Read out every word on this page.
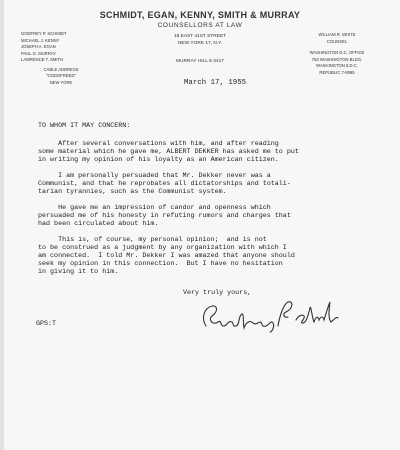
SCHMIDT, EGAN, KENNY, SMITH & MURRAY
COUNSELLORS AT LAW
18 EAST 41ST STREET
NEW YORK 17, N.Y.
MURRAY HILL 6-3417
GODFREY P. SCHMIDT
MICHAEL J. KENNY
JOSEPH A. EGAN
PAUL G. MURRAY
LAWRENCE T. SMITH
CABLE ADDRESS
"GODOFREED"
NEW YORK
WILLIAM R. WHITE
COUNSEL
WASHINGTON D.C. OFFICE
753 WASHINGTON BLDG.
WASHINGTON 5,D.C.
REPUBLIC 7-8595
March 17, 1955
TO WHOM IT MAY CONCERN:

After several conversations with him, and after reading
some material which he gave me, ALBERT DEKKER has asked me to put
in writing my opinion of his loyalty as an American citizen.

I am personally persuaded that Mr. Dekker never was a
Communist, and that he reprobates all dictatorships and totali-
tarian tyrannies, such as the Communist system.

He gave me an impression of candor and openness which
persuaded me of his honesty in refuting rumors and charges that
had been circulated about him.

This is, of course, my personal opinion;  and is not
to be construed as a judgment by any organization with which I
am connected.  I told Mr. Dekker I was amazed that anyone should
seek my opinion in this connection.  But I have no hesitation
in giving it to him.

Very truly yours,
GPS:T
